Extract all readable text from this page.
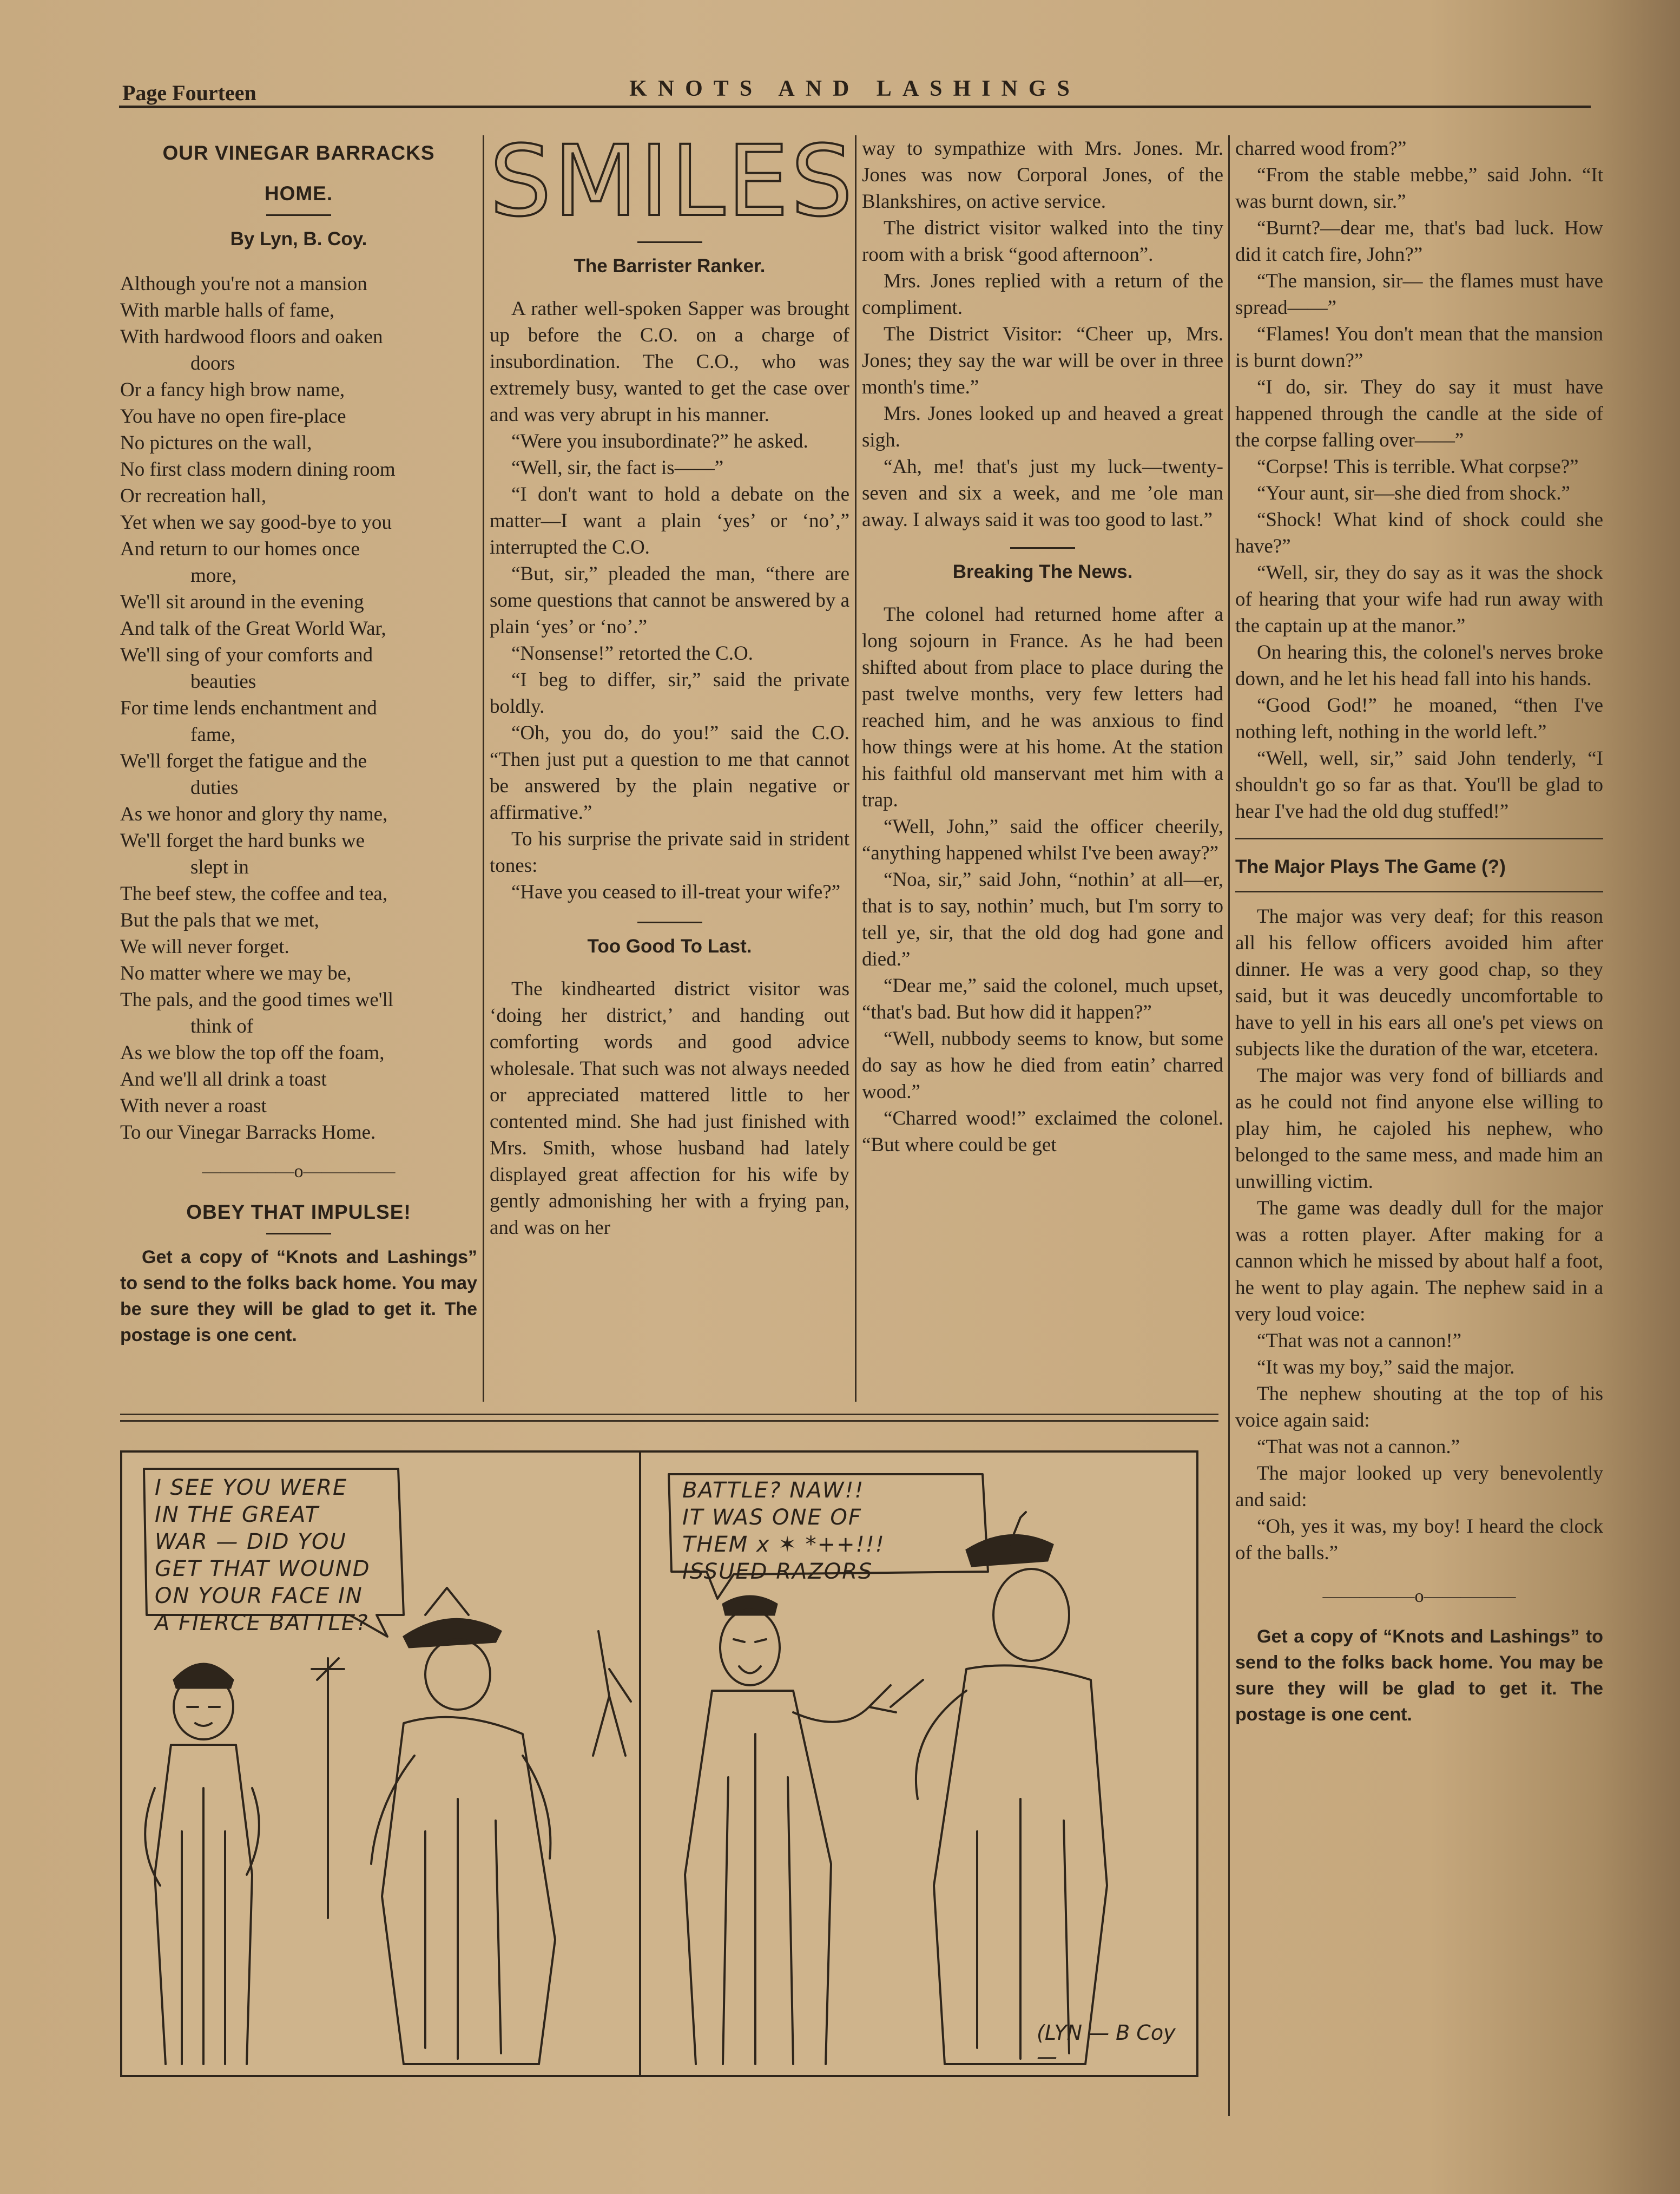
Page Fourteen	KNOTS AND LASHINGS
OUR VINEGAR BARRACKS
HOME.
By Lyn, B. Coy.
Although you're not a mansion
With marble halls of fame,
With hardwood floors and oaken
doors
Or a fancy high brow name,
You have no open fire-place
No pictures on the wall,
No first class modern dining room
Or recreation hall,
Yet when we say good-bye to you
And return to our homes once
more,
We'll sit around in the evening
And talk of the Great World War,
We'll sing of your comforts and
beauties
For time lends enchantment and
fame,
We'll forget the fatigue and the
duties
As we honor and glory thy name,
We'll forget the hard bunks we
slept in
The beef stew, the coffee and tea,
But the pals that we met,
We will never forget.
No matter where we may be,
The pals, and the good times we'll
think of
As we blow the top off the foam,
And we'll all drink a toast
With never a roast
To our Vinegar Barracks Home.
—————o—————
OBEY THAT IMPULSE!

Get a copy of “Knots and Lashings” to send to the folks back home. You may be sure they will be glad to get it. The postage is one cent.

SMILES
The Barrister Ranker.

A rather well-spoken Sapper was brought up before the C.O. on a charge of insubordination. The C.O., who was extremely busy, wanted to get the case over and was very abrupt in his manner.

“Were you insubordinate?” he asked.

“Well, sir, the fact is——”

“I don't want to hold a debate on the matter—I want a plain ‘yes’ or ‘no’,” interrupted the C.O.

“But, sir,” pleaded the man, “there are some questions that cannot be answered by a plain ‘yes’ or ‘no’.”

“Nonsense!” retorted the C.O.

“I beg to differ, sir,” said the private boldly.

“Oh, you do, do you!” said the C.O. “Then just put a question to me that cannot be answered by the plain negative or affirmative.”

To his surprise the private said in strident tones:

“Have you ceased to ill-treat your wife?”

Too Good To Last.

The kindhearted district visitor was ‘doing her district,’ and handing out comforting words and good advice wholesale. That such was not always needed or appreciated mattered little to her contented mind. She had just finished with Mrs. Smith, whose husband had lately displayed great affection for his wife by gently admonishing her with a frying pan, and was on her

way to sympathize with Mrs. Jones. Mr. Jones was now Corporal Jones, of the Blankshires, on active service.

The district visitor walked into the tiny room with a brisk “good afternoon”.

Mrs. Jones replied with a return of the compliment.

The District Visitor: “Cheer up, Mrs. Jones; they say the war will be over in three month's time.”

Mrs. Jones looked up and heaved a great sigh.

“Ah, me! that's just my luck—twenty-seven and six a week, and me ’ole man away. I always said it was too good to last.”

Breaking The News.

The colonel had returned home after a long sojourn in France. As he had been shifted about from place to place during the past twelve months, very few letters had reached him, and he was anxious to find how things were at his home. At the station his faithful old manservant met him with a trap.

“Well, John,” said the officer cheerily, “anything happened whilst I've been away?”

“Noa, sir,” said John, “nothin’ at all—er, that is to say, nothin’ much, but I'm sorry to tell ye, sir, that the old dog had gone and died.”

“Dear me,” said the colonel, much upset, “that's bad. But how did it happen?”

“Well, nubbody seems to know, but some do say as how he died from eatin’ charred wood.”

“Charred wood!” exclaimed the colonel. “But where could be get

charred wood from?”

“From the stable mebbe,” said John. “It was burnt down, sir.”

“Burnt?—dear me, that's bad luck. How did it catch fire, John?”

“The mansion, sir— the flames must have spread——”

“Flames! You don't mean that the mansion is burnt down?”

“I do, sir. They do say it must have happened through the candle at the side of the corpse falling over——”

“Corpse! This is terrible. What corpse?”

“Your aunt, sir—she died from shock.”

“Shock! What kind of shock could she have?”

“Well, sir, they do say as it was the shock of hearing that your wife had run away with the captain up at the manor.”

On hearing this, the colonel's nerves broke down, and he let his head fall into his hands.

“Good God!” he moaned, “then I've nothing left, nothing in the world left.”

“Well, well, sir,” said John tenderly, “I shouldn't go so far as that. You'll be glad to hear I've had the old dug stuffed!”

The Major Plays The Game (?)

The major was very deaf; for this reason all his fellow officers avoided him after dinner. He was a very good chap, so they said, but it was deucedly uncomfortable to have to yell in his ears all one's pet views on subjects like the duration of the war, etcetera.

The major was very fond of billiards and as he could not find anyone else willing to play him, he cajoled his nephew, who belonged to the same mess, and made him an unwilling victim.

The game was deadly dull for the major was a rotten player. After making for a cannon which he missed by about half a foot, he went to play again. The nephew said in a very loud voice:

“That was not a cannon!”

“It was my boy,” said the major.

The nephew shouting at the top of his voice again said:

“That was not a cannon.”

The major looked up very benevolently and said:

“Oh, yes it was, my boy! I heard the clock of the balls.”

—————o—————

Get a copy of “Knots and Lashings” to send to the folks back home. You may be sure they will be glad to get it. The postage is one cent.

I SEE YOU WERE
IN THE GREAT
WAR — DID YOU
GET THAT WOUND
ON YOUR FACE IN
A FIERCE BATTLE?
BATTLE? NAW!!
IT WAS ONE OF
THEM x ✶ *++!!!
ISSUED RAZORS
(LYN — B Coy —
